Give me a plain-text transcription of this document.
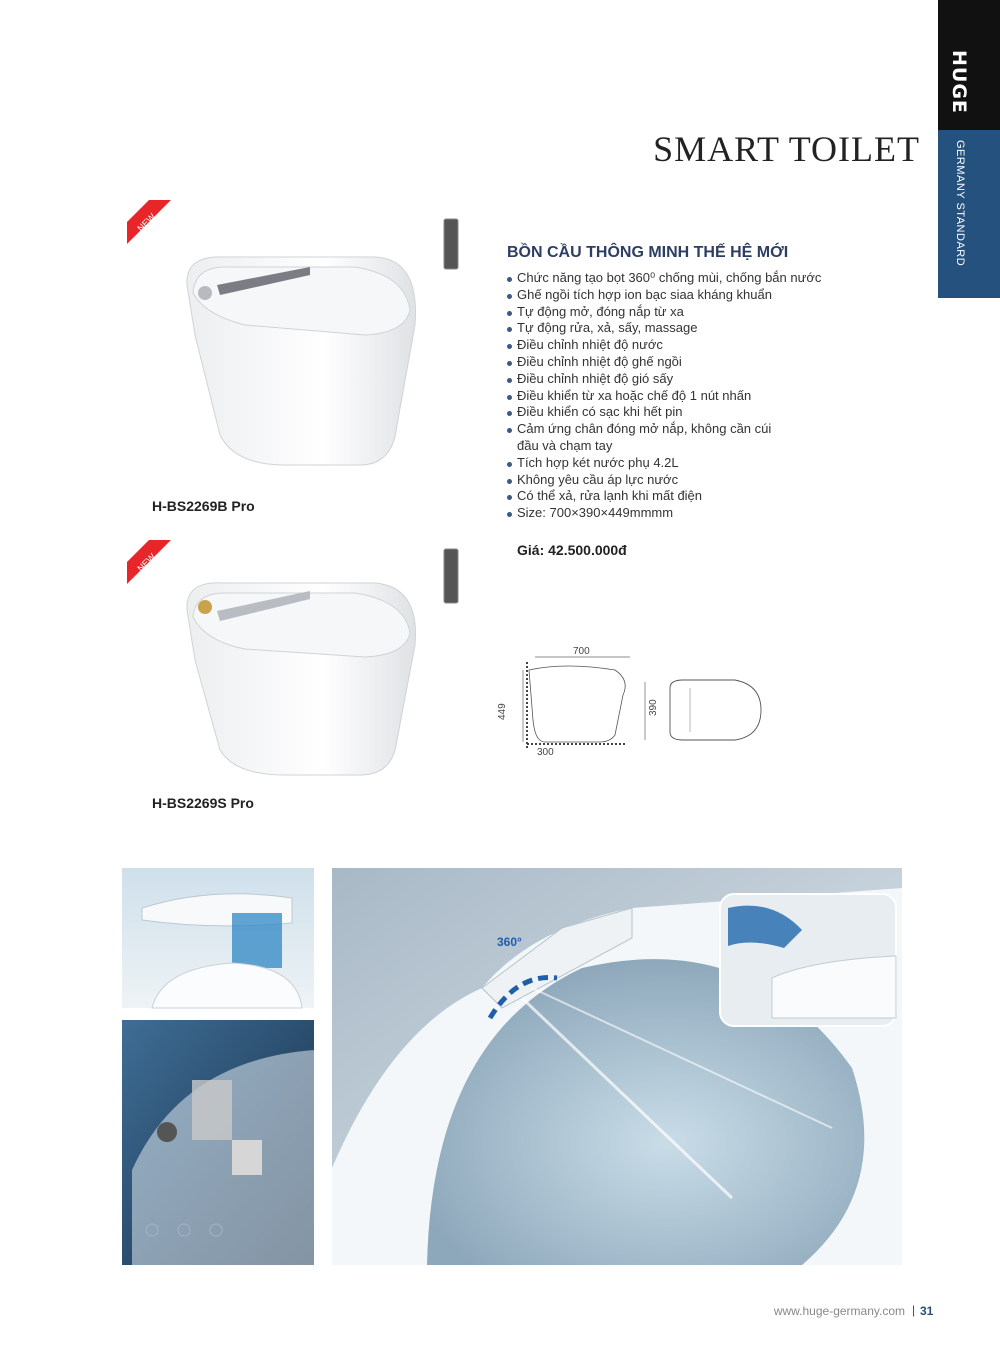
HUGE
GERMANY STANDARD
SMART TOILET
NEW
NEW
H-BS2269B Pro
H-BS2269S Pro
BỒN CẦU THÔNG MINH THẾ HỆ MỚI
Chức năng tạo bọt 360⁰ chống mùi, chống bắn nước
Ghế ngồi tích hợp ion bạc siaa kháng khuẩn
Tự động mở, đóng nắp từ xa
Tự động rửa, xả, sấy, massage
Điều chỉnh nhiệt độ nước
Điều chỉnh nhiệt độ ghế ngồi
Điều chỉnh nhiệt độ gió sấy
Điều khiển từ xa hoặc chế độ 1 nút nhấn
Điều khiển có sạc khi hết pin
Cảm ứng chân đóng mở nắp, không cần cúi đầu và chạm tay
Tích hợp két nước phụ 4.2L
Không yêu cầu áp lực nước
Có thể xả, rửa lạnh khi mất điện
Size: 700×390×449mmmm
Giá: 42.500.000đ
700
449
300
390
360°
www.huge-germany.com | 31
